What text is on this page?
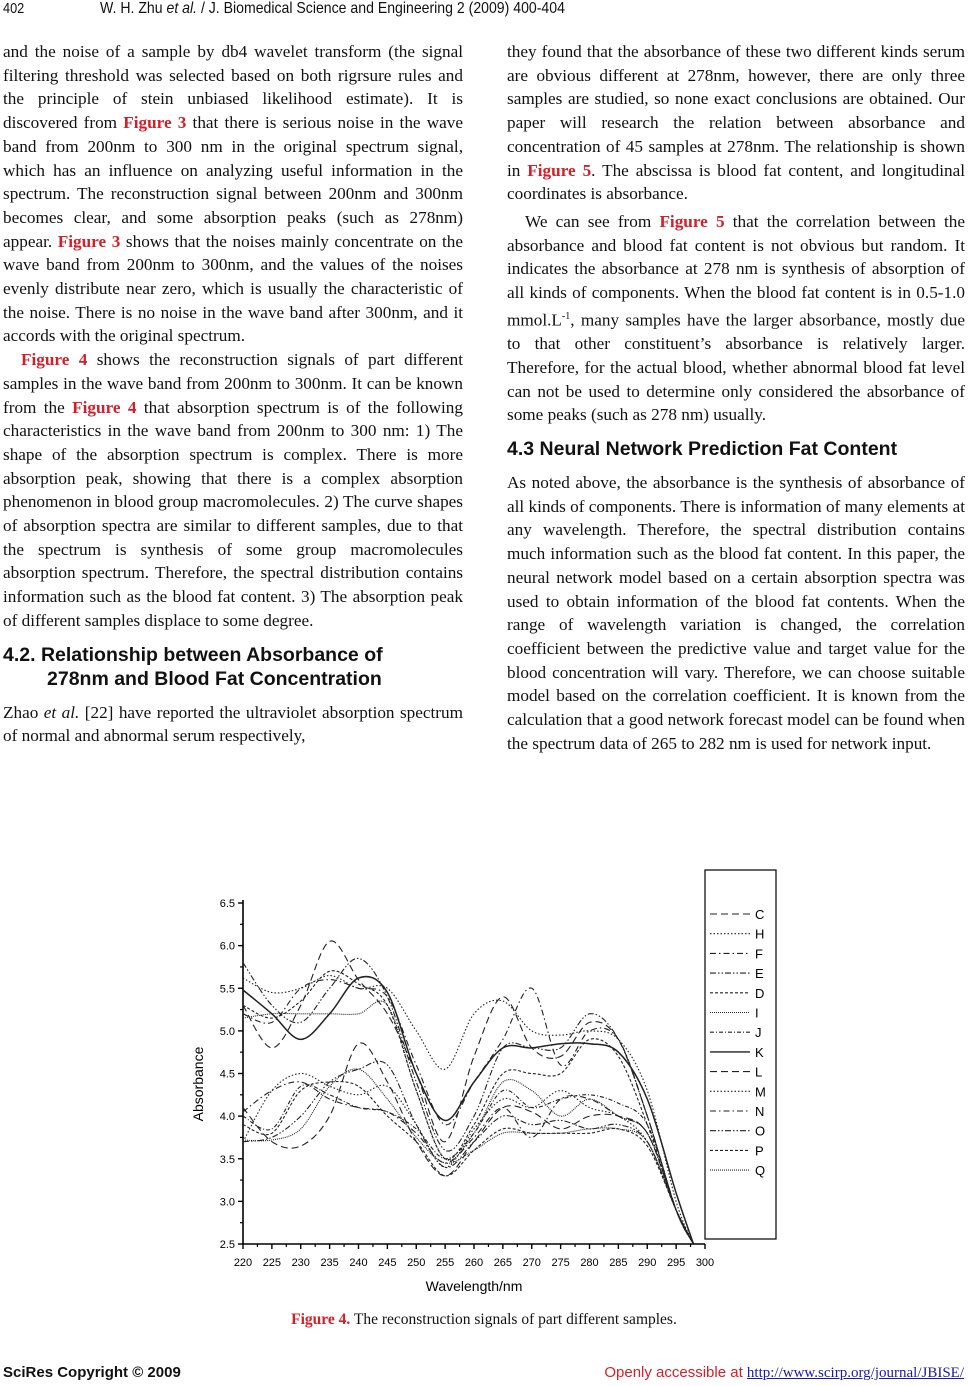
402	W. H. Zhu et al. / J. Biomedical Science and Engineering 2 (2009) 400-404

and the noise of a sample by db4 wavelet transform (the signal filtering threshold was selected based on both rigrsure rules and the principle of stein unbiased likelihood estimate). It is discovered from Figure 3 that there is serious noise in the wave band from 200nm to 300 nm in the original spectrum signal, which has an influence on analyzing useful information in the spectrum. The reconstruction signal between 200nm and 300nm becomes clear, and some absorption peaks (such as 278nm) appear. Figure 3 shows that the noises mainly concentrate on the wave band from 200nm to 300nm, and the values of the noises evenly distribute near zero, which is usually the characteristic of the noise. There is no noise in the wave band after 300nm, and it accords with the original spectrum.

Figure 4 shows the reconstruction signals of part different samples in the wave band from 200nm to 300nm. It can be known from the Figure 4 that absorption spectrum is of the following characteristics in the wave band from 200nm to 300 nm: 1) The shape of the absorption spectrum is complex. There is more absorption peak, showing that there is a complex absorption phenomenon in blood group macromolecules. 2) The curve shapes of absorption spectra are similar to different samples, due to that the spectrum is synthesis of some group macromolecules absorption spectrum. Therefore, the spectral distribution contains information such as the blood fat content. 3) The absorption peak of different samples displace to some degree.

4.2. Relationship between Absorbance of
278nm and Blood Fat Concentration

Zhao et al. [22] have reported the ultraviolet absorption spectrum of normal and abnormal serum respectively,

they found that the absorbance of these two different kinds serum are obvious different at 278nm, however, there are only three samples are studied, so none exact conclusions are obtained. Our paper will research the relation between absorbance and concentration of 45 samples at 278nm. The relationship is shown in Figure 5. The abscissa is blood fat content, and longitudinal coordinates is absorbance.

We can see from Figure 5 that the correlation between the absorbance and blood fat content is not obvious but random. It indicates the absorbance at 278 nm is synthesis of absorption of all kinds of components. When the blood fat content is in 0.5-1.0 $mmol.L^{-1}$, many samples have the larger absorbance, mostly due to that other constituent’s absorbance is relatively larger. Therefore, for the actual blood, whether abnormal blood fat level can not be used to determine only considered the absorbance of some peaks (such as 278 nm) usually.

4.3 Neural Network Prediction Fat Content

As noted above, the absorbance is the synthesis of absorbance of all kinds of components. There is information of many elements at any wavelength. Therefore, the spectral distribution contains much information such as the blood fat content. In this paper, the neural network model based on a certain absorption spectra was used to obtain information of the blood fat contents. When the range of wavelength variation is changed, the correlation coefficient between the predictive value and target value for the blood concentration will vary. Therefore, we can choose suitable model based on the correlation coefficient. It is known from the calculation that a good network forecast model can be found when the spectrum data of 265 to 282 nm is used for network input.

2.5
3.0
3.5
4.0
4.5
5.0
5.5
6.0
6.5
220 225 230 235 240 245 250 255 260 265 270 275 280 285 290 295 300
C
H
F
E
D
I
J
K
L
M
N
O
P
Q
Wavelength/nm
Absorbance
Figure 4. The reconstruction signals of part different samples.
SciRes Copyright © 2009	Openly accessible at http://www.scirp.org/journal/JBISE/
